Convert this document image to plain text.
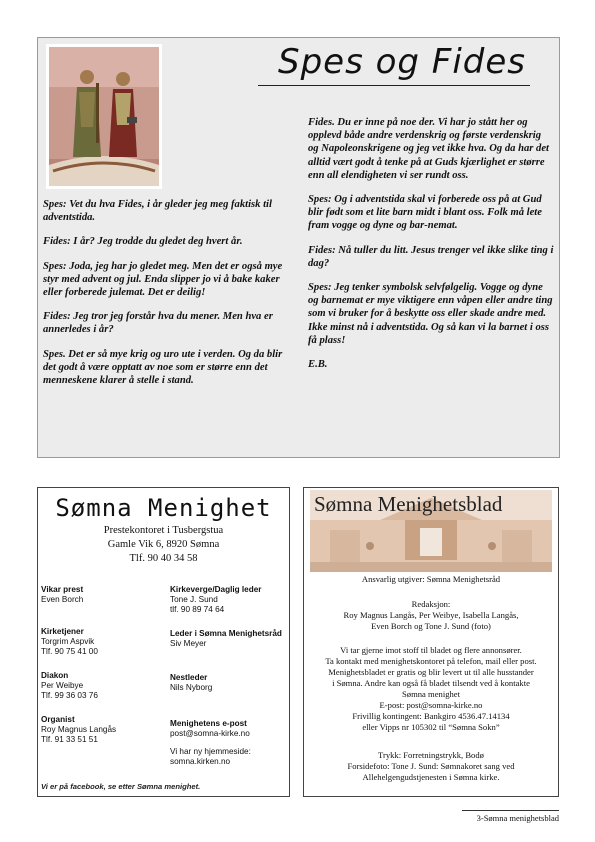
Spes og Fides

Spes: Vet du hva Fides, i år gleder jeg meg faktisk til adventstida.

Fides: I år? Jeg trodde du gledet deg hvert år.

Spes: Joda, jeg har jo gledet meg. Men det er også mye styr med advent og jul. Enda slipper jo vi å bake kaker eller forberede julemat. Det er deilig!

Fides: Jeg tror jeg forstår hva du mener. Men hva er annerledes i år?

Spes. Det er så mye krig og uro ute i verden. Og da blir det godt å være opptatt av noe som er større enn det menneskene klarer å stelle i stand.

Fides. Du er inne på noe der. Vi har jo stått her og opplevd både andre verdenskrig og første verdenskrig og Napoleonskrigene og jeg vet ikke hva. Og da har det alltid vært godt å tenke på at Guds kjærlighet er større enn all elendigheten vi ser rundt oss.

Spes: Og i adventstida skal vi forberede oss på at Gud blir født som et lite barn midt i blant oss. Folk må lete fram vogge og dyne og bar-nemat.

Fides: Nå tuller du litt. Jesus trenger vel ikke slike ting i dag?

Spes: Jeg tenker symbolsk selvfølgelig. Vogge og dyne og barnemat er mye viktigere enn våpen eller andre ting som vi bruker for å beskytte oss eller skade andre med. Ikke minst nå i adventstida. Og så kan vi la barnet i oss få plass!

E.B.

Sømna Menighet
Prestekontoret i Tusbergstua
Gamle Vik 6, 8920 Sømna
Tlf. 90 40 34 58
Vikar prest
Even Borch
Kirketjener
Torgrim Aspvik
Tlf. 90 75 41 00
Diakon
Per Weibye
Tlf. 99 36 03 76
Organist
Roy Magnus Langås
Tlf. 91 33 51 51
Kirkeverge/Daglig leder
Tone J. Sund
tlf. 90 89 74 64
Leder i Sømna Menighetsråd
Siv Meyer
Nestleder
Nils Nyborg
Menighetens e-post
post@somna-kirke.no
Vi har ny hjemmeside:
somna.kirken.no
Vi er på facebook, se etter Sømna menighet.
Sømna Menighetsblad
Ansvarlig utgiver: Sømna Menighetsråd
Redaksjon:
Roy Magnus Langås, Per Weibye, Isabella Langås,
Even Borch og Tone J. Sund (foto)
Vi tar gjerne imot stoff til bladet og flere annonsører.
Ta kontakt med menighetskontoret på telefon, mail eller post.
Menighetsbladet er gratis og blir levert ut til alle husstander
i Sømna. Andre kan også få bladet tilsendt ved å kontakte
Sømna menighet
E-post: post@somna-kirke.no
Frivillig kontingent: Bankgiro 4536.47.14134
eller Vipps nr 105302 til “Sømna Sokn”
Trykk: Forretningstrykk, Bodø
Forsidefoto: Tone J. Sund: Sømnakoret sang ved
Allehelgengudstjenesten i Sømna kirke.
3-Sømna menighetsblad
